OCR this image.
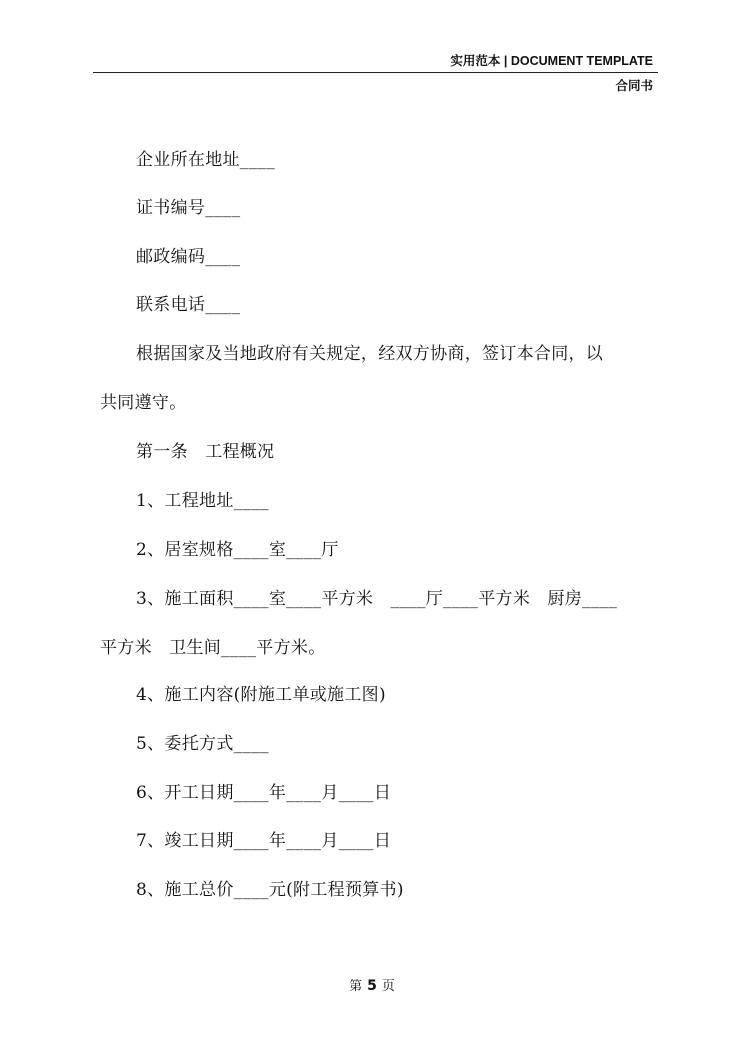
实用范本 | DOCUMENT TEMPLATE
合同书
企业所在地址____
证书编号____
邮政编码____
联系电话____
根据国家及当地政府有关规定，经双方协商，签订本合同，以
共同遵守。
第一条　工程概况
1、工程地址____
2、居室规格____室____厅
3、施工面积____室____平方米　____厅____平方米　厨房____
平方米　卫生间____平方米。
4、施工内容(附施工单或施工图)
5、委托方式____
6、开工日期____年____月____日
7、竣工日期____年____月____日
8、施工总价____元(附工程预算书)
第 5 页
